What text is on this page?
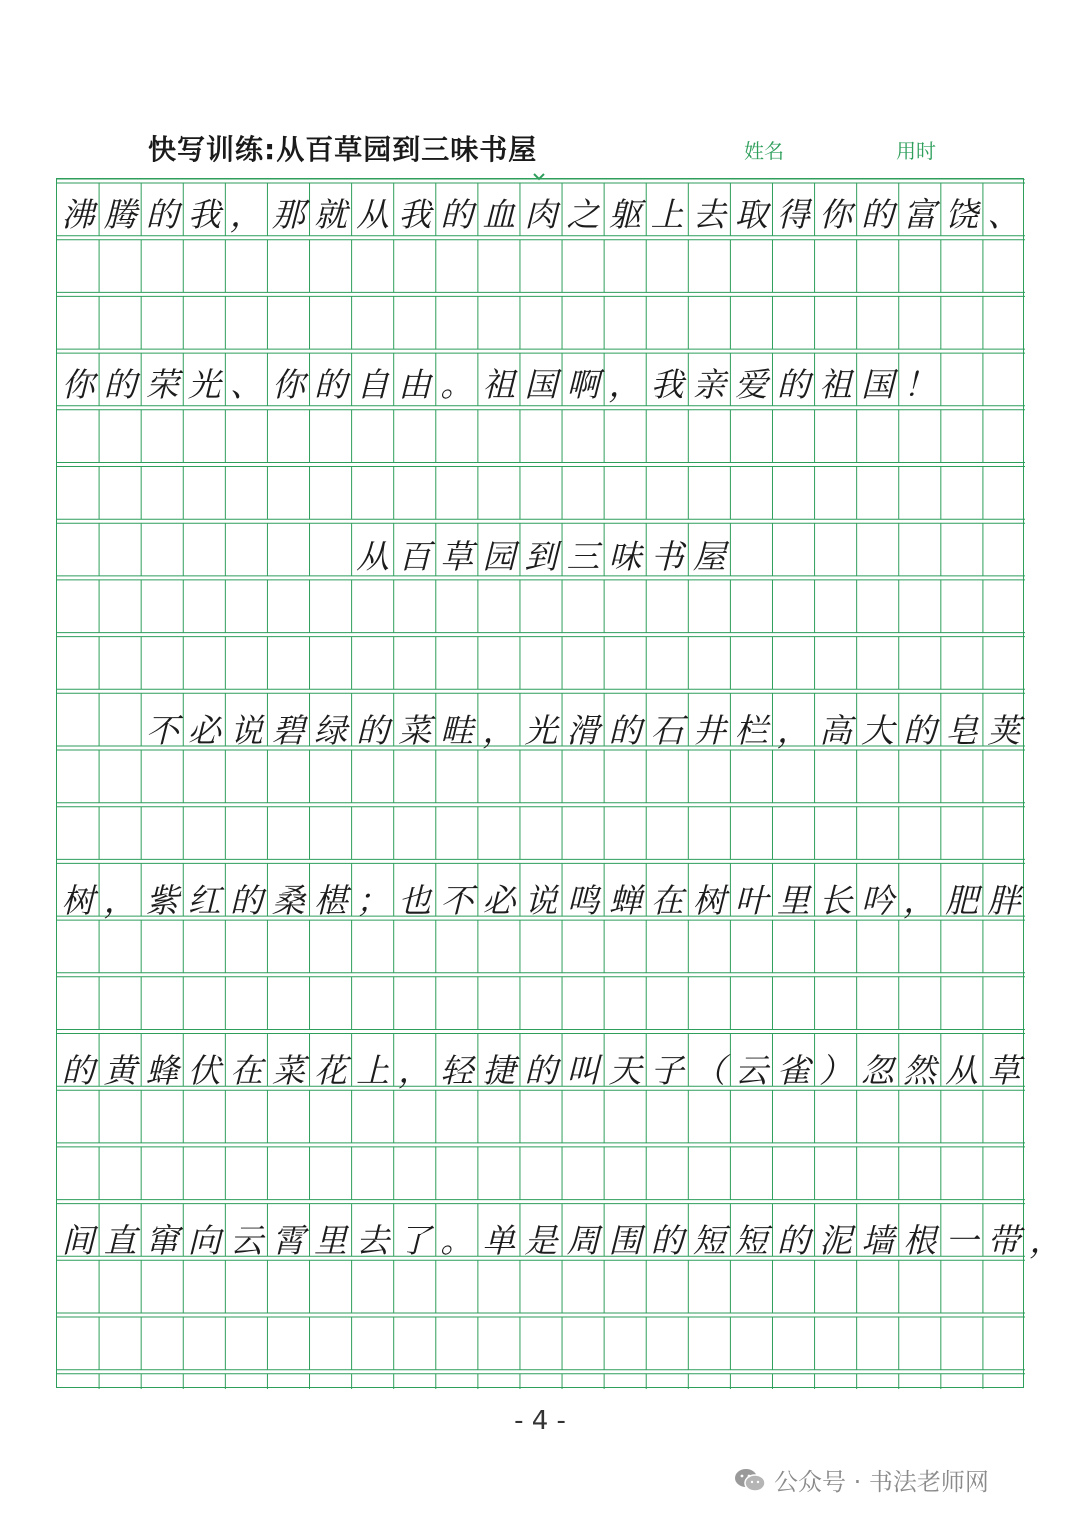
快写训练:从百草园到三味书屋	姓名	用时
沸 腾 的 我 ， 那 就 从 我 的 血 肉 之 躯 上 去 取 得 你 的 富 饶 、
你 的 荣 光 、 你 的 自 由 。 祖 国 啊 ， 我 亲 爱 的 祖 国 ！
从 百 草 园 到 三 味 书 屋
不 必 说 碧 绿 的 菜 畦 ， 光 滑 的 石 井 栏 ， 高 大 的 皂 荚
树 ， 紫 红 的 桑 椹 ； 也 不 必 说 鸣 蝉 在 树 叶 里 长 吟 ， 肥 胖
的 黄 蜂 伏 在 菜 花 上 ， 轻 捷 的 叫 天 子 （ 云 雀 ） 忽 然 从 草
间 直 窜 向 云 霄 里 去 了 。 单 是 周 围 的 短 短 的 泥 墙 根 一 带 ，
- 4 -
公众号 · 书法老师网
